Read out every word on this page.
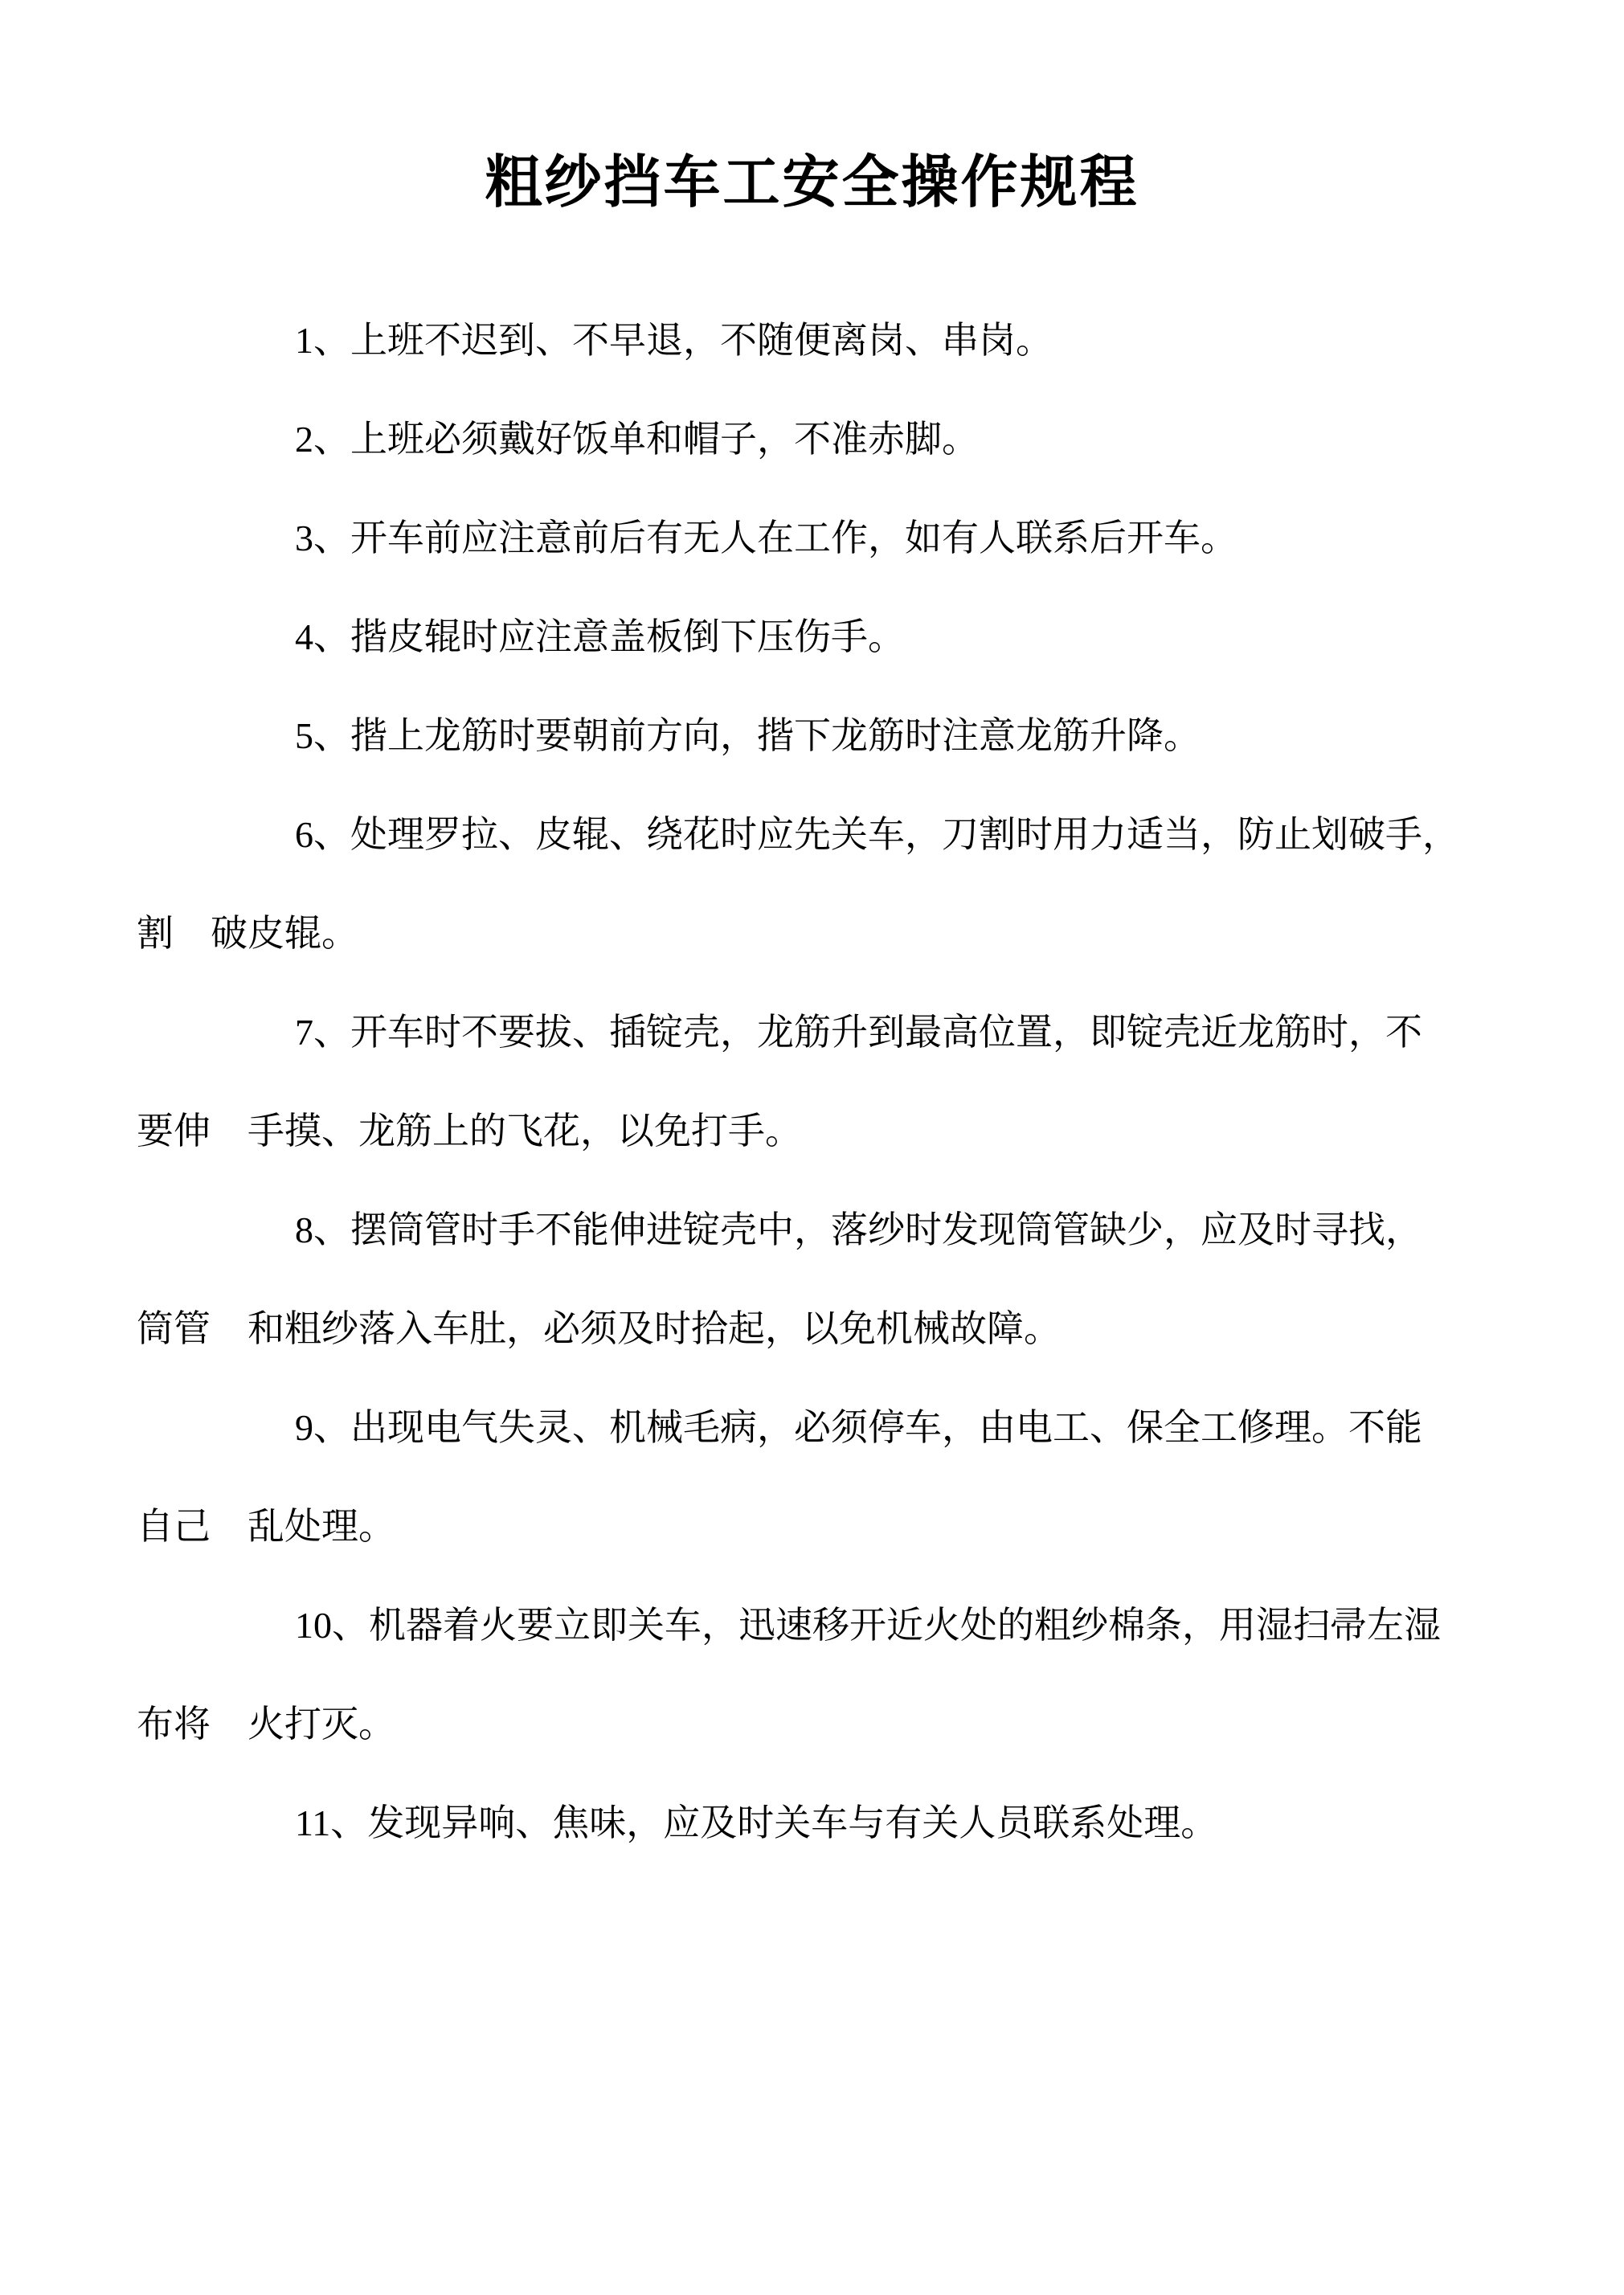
粗纱挡车工安全操作规程
1、上班不迟到、不早退，不随便离岗、串岗。
2、上班必须戴好饭单和帽子，不准赤脚。
3、开车前应注意前后有无人在工作，如有人联系后开车。
4、揩皮辊时应注意盖板倒下压伤手。
5、揩上龙筋时要朝前方向，揩下龙筋时注意龙筋升降。
6、处理罗拉、皮辊、绕花时应先关车，刀割时用力适当，防止划破手，
割　破皮辊。
7、开车时不要拔、插锭壳，龙筋升到最高位置，即锭壳近龙筋时，不
要伸　手摸、龙筋上的飞花，以免打手。
8、摆筒管时手不能伸进锭壳中，落纱时发现筒管缺少，应及时寻找，
筒管　和粗纱落入车肚，必须及时拾起，以免机械故障。
9、出现电气失灵、机械毛病，必须停车，由电工、保全工修理。不能
自己　乱处理。
10、机器着火要立即关车，迅速移开近火处的粗纱棉条，用湿扫帚左湿
布将　火打灭。
11、发现异响、焦味，应及时关车与有关人员联系处理。
